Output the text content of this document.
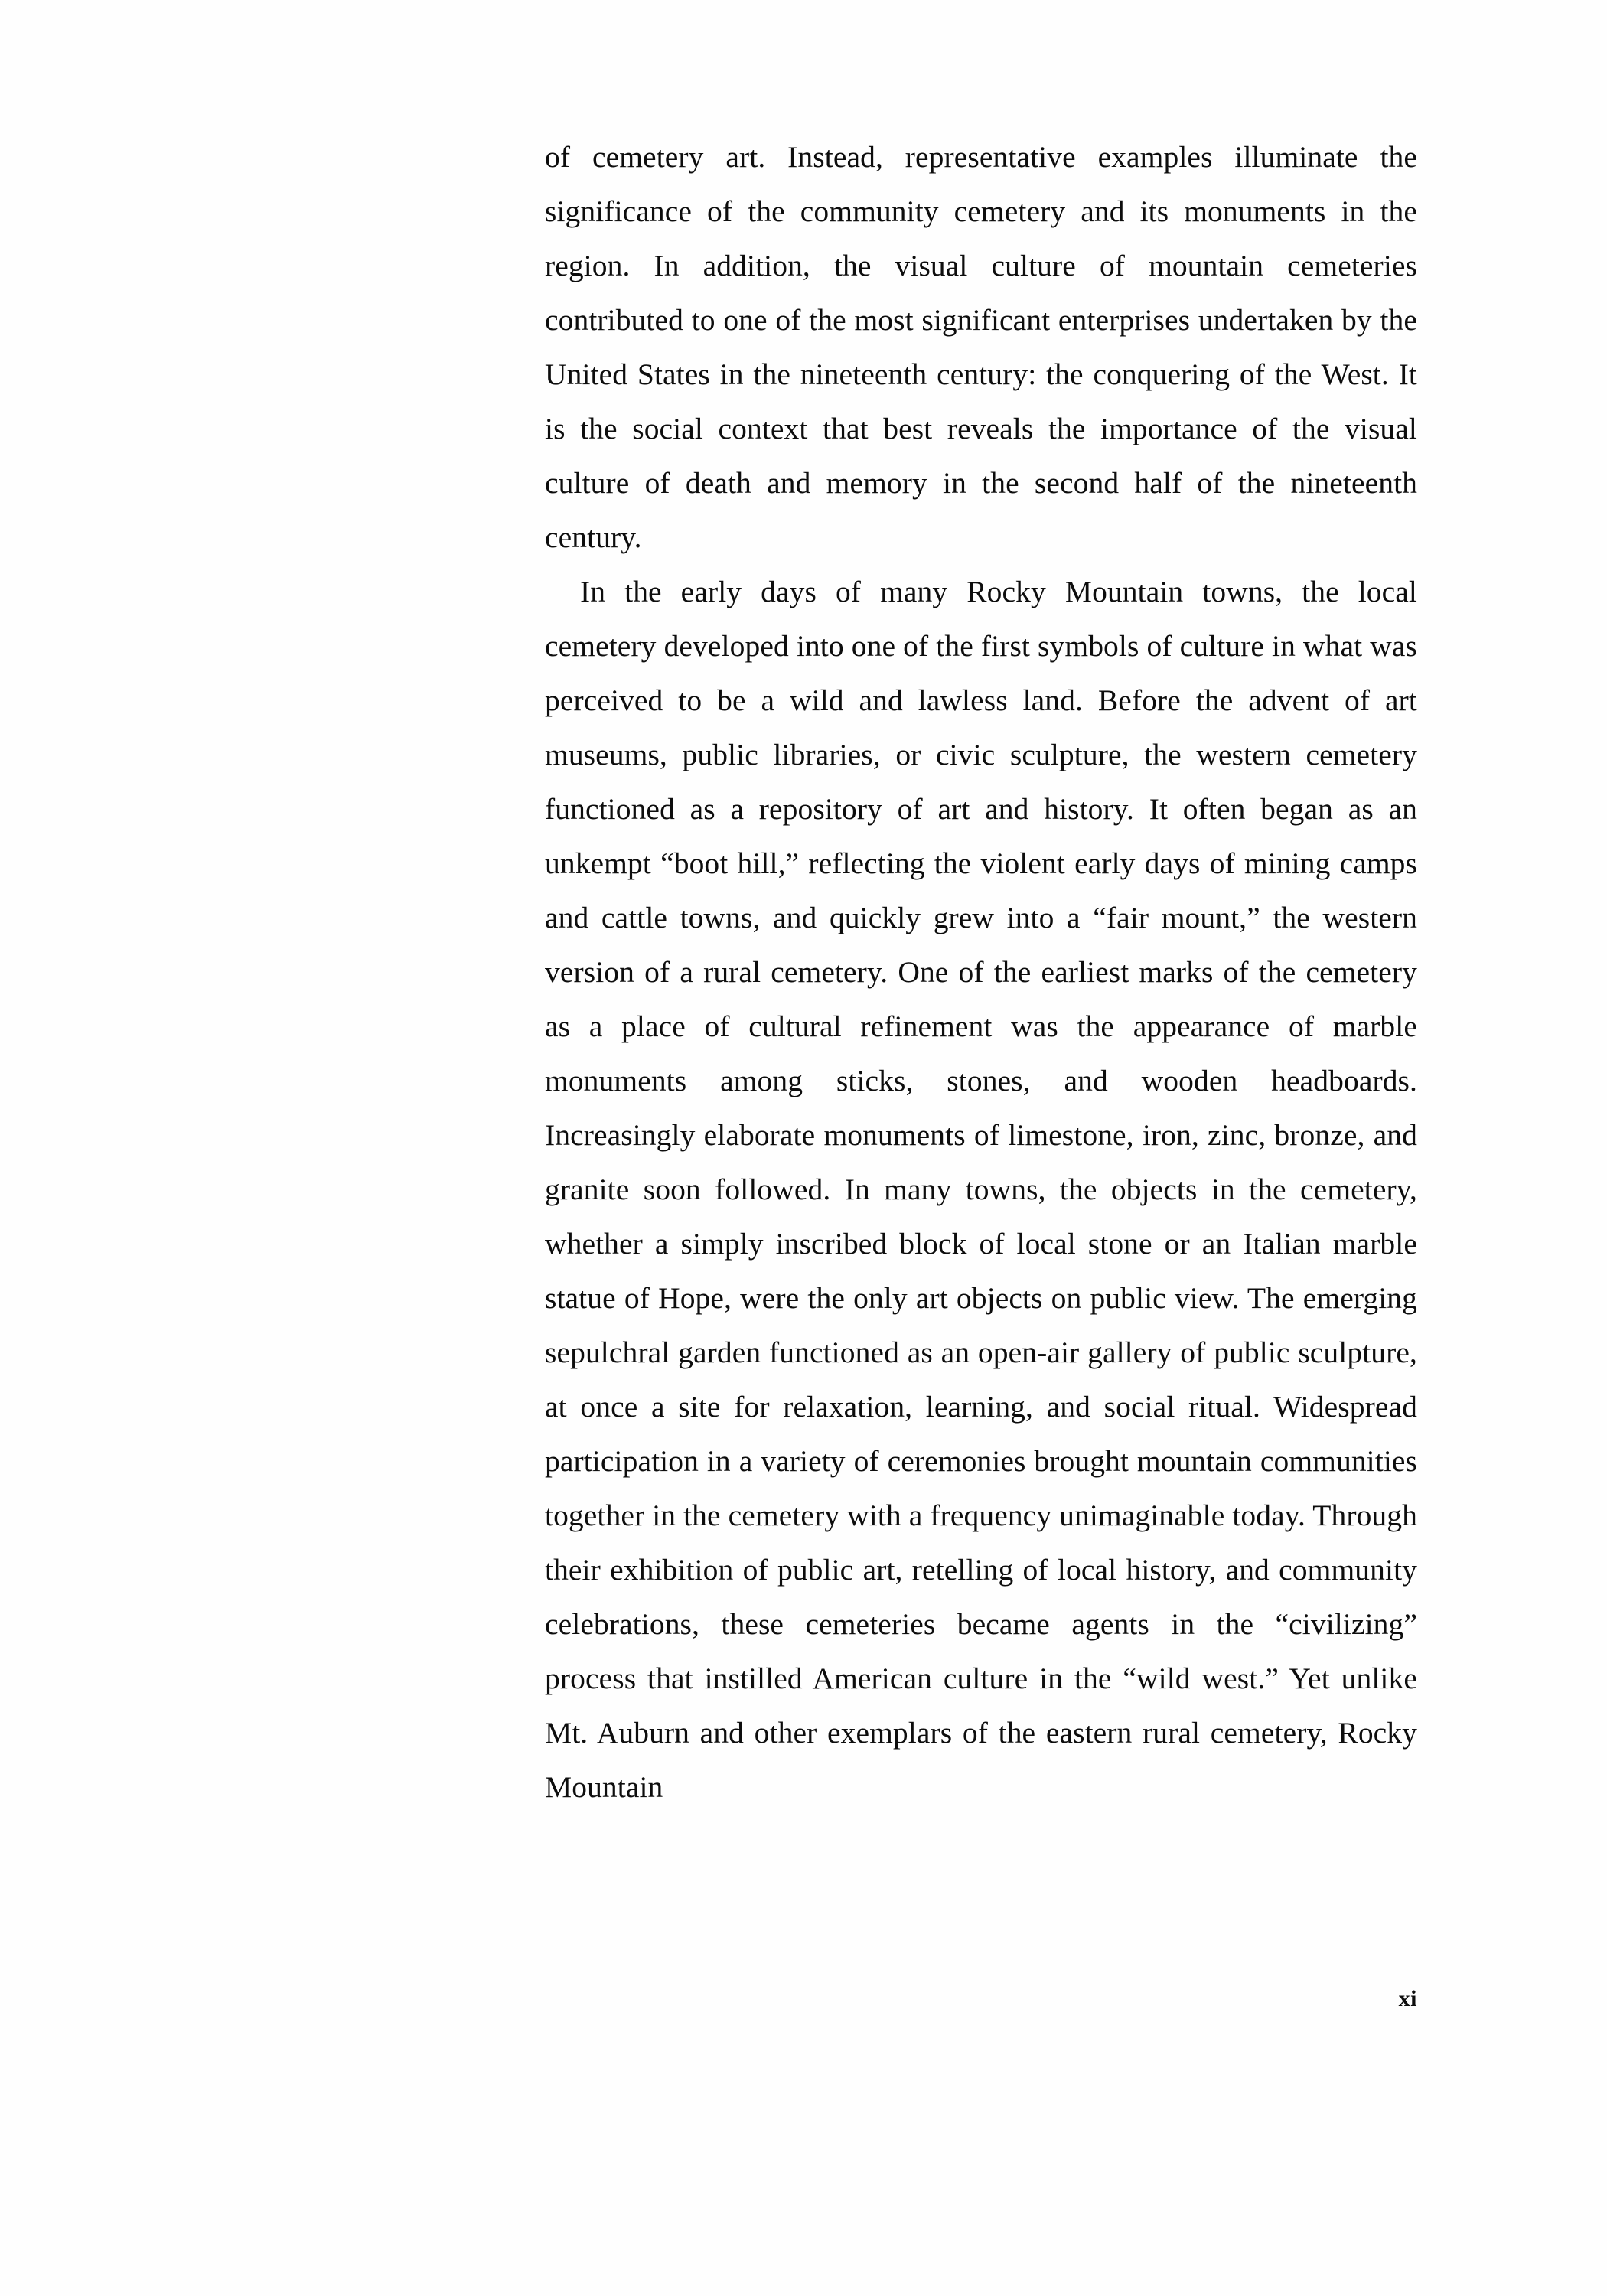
of cemetery art. Instead, representative examples illuminate the significance of the community cemetery and its monuments in the region. In addition, the visual culture of mountain cemeteries contributed to one of the most significant enterprises undertaken by the United States in the nineteenth century: the conquering of the West. It is the social context that best reveals the importance of the visual culture of death and memory in the second half of the nineteenth century.

In the early days of many Rocky Mountain towns, the local cemetery developed into one of the first symbols of culture in what was perceived to be a wild and lawless land. Before the advent of art museums, public libraries, or civic sculpture, the western cemetery functioned as a repository of art and history. It often began as an unkempt “boot hill,” reflecting the violent early days of mining camps and cattle towns, and quickly grew into a “fair mount,” the western version of a rural cemetery. One of the earliest marks of the cemetery as a place of cultural refinement was the appearance of marble monuments among sticks, stones, and wooden headboards. Increasingly elaborate monuments of limestone, iron, zinc, bronze, and granite soon followed. In many towns, the objects in the cemetery, whether a simply inscribed block of local stone or an Italian marble statue of Hope, were the only art objects on public view. The emerging sepulchral garden functioned as an open-air gallery of public sculpture, at once a site for relaxation, learning, and social ritual. Widespread participation in a variety of ceremonies brought mountain communities together in the cemetery with a frequency unimaginable today. Through their exhibition of public art, retelling of local history, and community celebrations, these cemeteries became agents in the “civilizing” process that instilled American culture in the “wild west.” Yet unlike Mt. Auburn and other exemplars of the eastern rural cemetery, Rocky Mountain

xi
